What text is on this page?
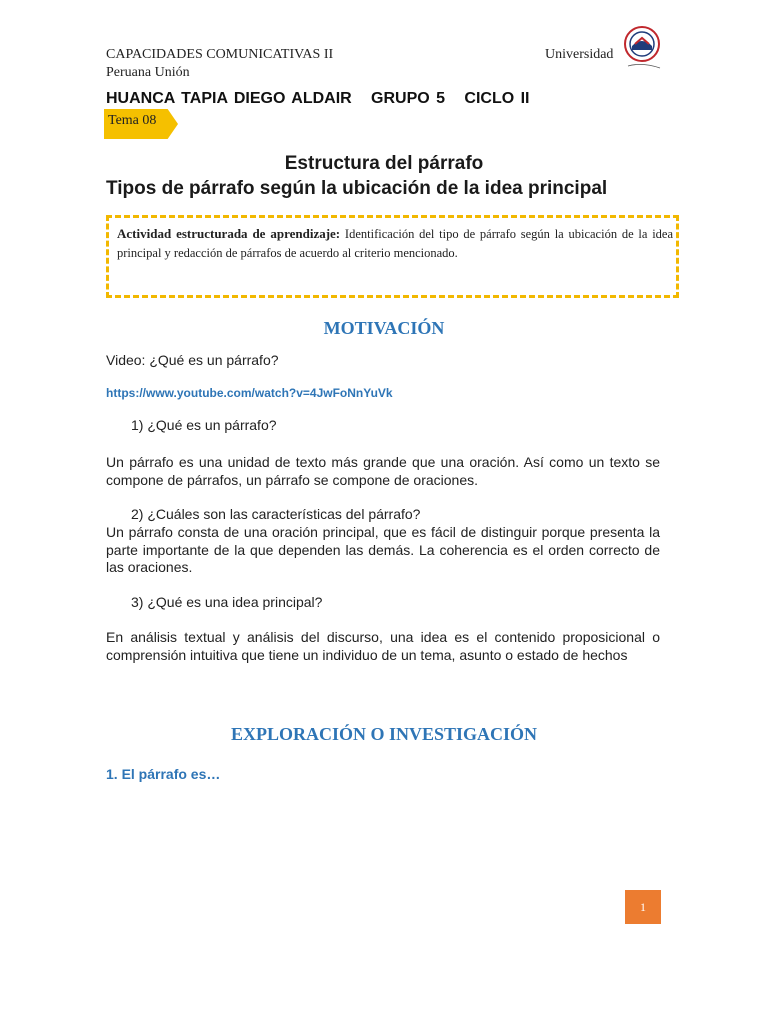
CAPACIDADES COMUNICATIVAS II	Universidad
Peruana Unión
HUANCA TAPIA DIEGO ALDAIR   GRUPO 5   CICLO II
Tema 08
Estructura del párrafo
Tipos de párrafo según la ubicación de la idea principal
Actividad estructurada de aprendizaje: Identificación del tipo de párrafo según la ubicación de la idea principal y redacción de párrafos de acuerdo al criterio mencionado.
MOTIVACIÓN
Video: ¿Qué es un párrafo?
https://www.youtube.com/watch?v=4JwFoNnYuVk
1) ¿Qué es un párrafo?
Un párrafo es una unidad de texto más grande que una oración. Así como un texto se compone de párrafos, un párrafo se compone de oraciones.
2) ¿Cuáles son las características del párrafo?
Un párrafo consta de una oración principal, que es fácil de distinguir porque presenta la parte importante de la que dependen las demás. La coherencia es el orden correcto de las oraciones.
3) ¿Qué es una idea principal?
En análisis textual y análisis del discurso, una idea es el contenido proposicional o comprensión intuitiva que tiene un individuo de un tema, asunto o estado de hechos
EXPLORACIÓN O INVESTIGACIÓN
1. El párrafo es…
1
